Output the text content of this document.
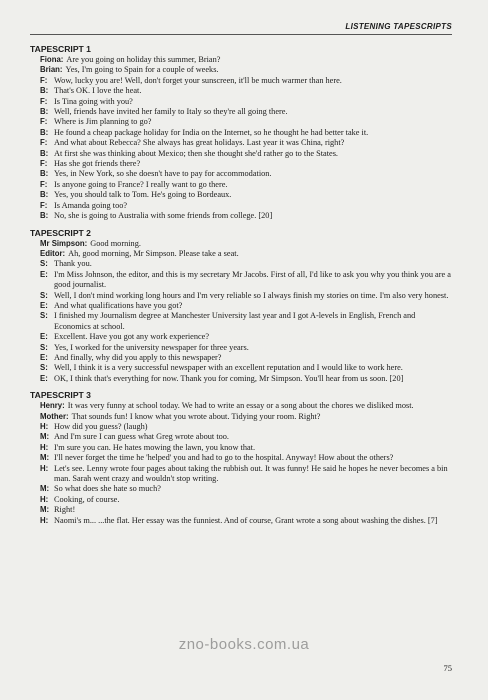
LISTENING TAPESCRIPTS
TAPESCRIPT 1
Fiona: Are you going on holiday this summer, Brian?
Brian: Yes, I'm going to Spain for a couple of weeks.
F: Wow, lucky you are! Well, don't forget your sunscreen, it'll be much warmer than here.
B: That's OK. I love the heat.
F: Is Tina going with you?
B: Well, friends have invited her family to Italy so they're all going there.
F: Where is Jim planning to go?
B: He found a cheap package holiday for India on the Internet, so he thought he had better take it.
F: And what about Rebecca? She always has great holidays. Last year it was China, right?
B: At first she was thinking about Mexico; then she thought she'd rather go to the States.
F: Has she got friends there?
B: Yes, in New York, so she doesn't have to pay for accommodation.
F: Is anyone going to France? I really want to go there.
B: Yes, you should talk to Tom. He's going to Bordeaux.
F: Is Amanda going too?
B: No, she is going to Australia with some friends from college. [20]
TAPESCRIPT 2
Mr Simpson: Good morning.
Editor: Ah, good morning, Mr Simpson. Please take a seat.
S: Thank you.
E: I'm Miss Johnson, the editor, and this is my secretary Mr Jacobs. First of all, I'd like to ask you why you think you are a good journalist.
S: Well, I don't mind working long hours and I'm very reliable so I always finish my stories on time. I'm also very honest.
E: And what qualifications have you got?
S: I finished my Journalism degree at Manchester University last year and I got A-levels in English, French and Economics at school.
E: Excellent. Have you got any work experience?
S: Yes, I worked for the university newspaper for three years.
E: And finally, why did you apply to this newspaper?
S: Well, I think it is a very successful newspaper with an excellent reputation and I would like to work here.
E: OK, I think that's everything for now. Thank you for coming, Mr Simpson. You'll hear from us soon. [20]
TAPESCRIPT 3
Henry: It was very funny at school today. We had to write an essay or a song about the chores we disliked most.
Mother: That sounds fun! I know what you wrote about. Tidying your room. Right?
H: How did you guess? (laugh)
M: And I'm sure I can guess what Greg wrote about too.
H: I'm sure you can. He hates mowing the lawn, you know that.
M: I'll never forget the time he 'helped' you and had to go to the hospital. Anyway! How about the others?
H: Let's see. Lenny wrote four pages about taking the rubbish out. It was funny! He said he hopes he never becomes a bin man. Sarah went crazy and wouldn't stop writing.
M: So what does she hate so much?
H: Cooking, of course.
M: Right!
H: Naomi's m... ...the flat. Her essay was the funniest. And of course, Grant wrote a song about washing the dishes. [7]
zno-books.com.ua
75
